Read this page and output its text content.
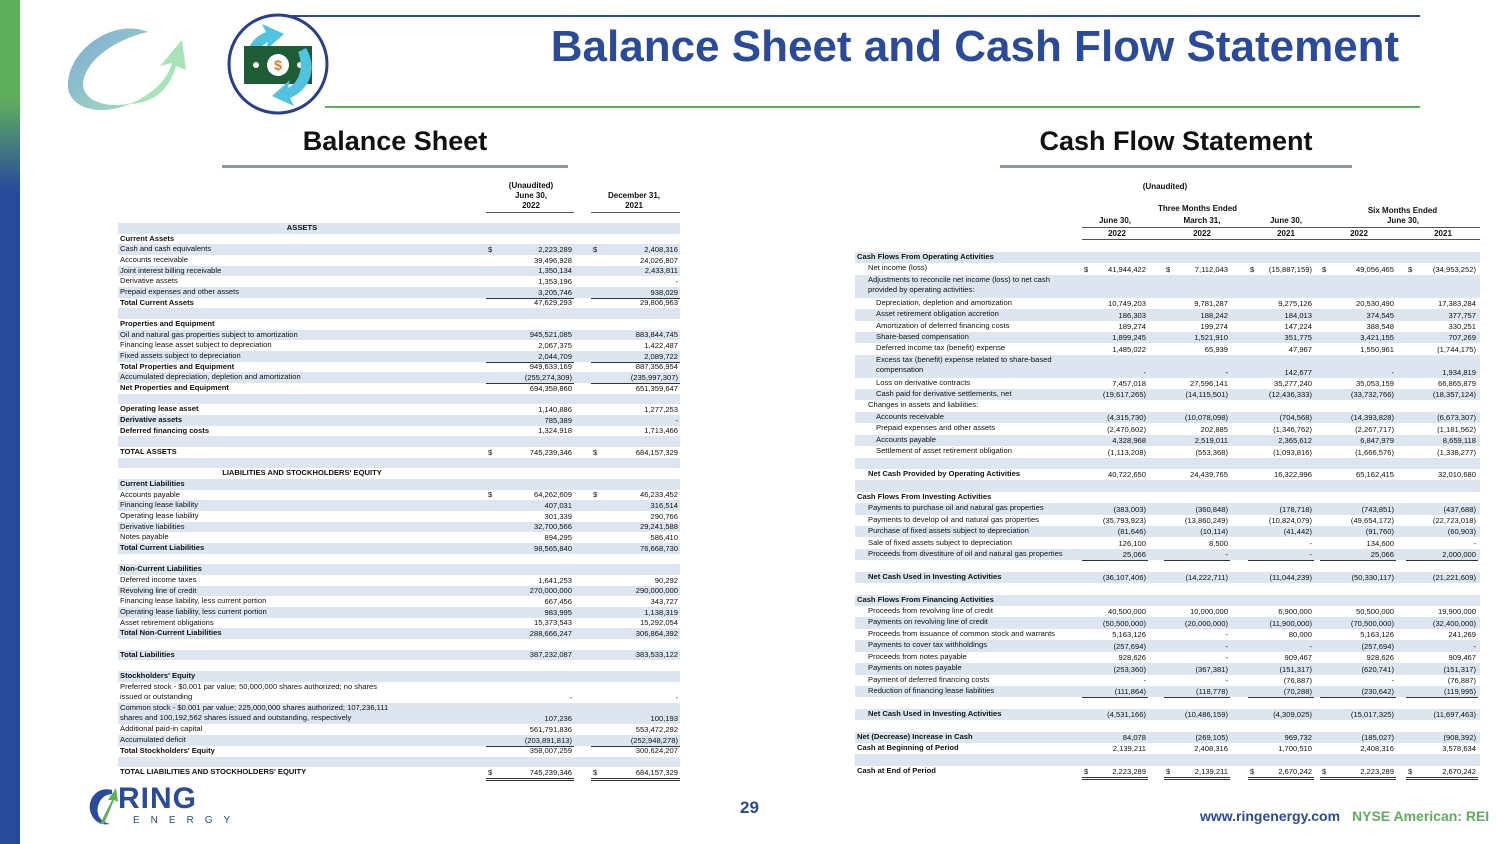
$	Balance Sheet and Cash Flow Statement
Balance Sheet	Cash Flow Statement
(Unaudited)
June 30,
2022
December 31,
2021
ASSETS
Current Assets
Cash and cash equivalents	$	2,223,289	$	2,408,316
Accounts receivable	39,496,928	24,026,807
Joint interest billing receivable	1,350,134	2,433,811
Derivative assets	1,353,196	-
Prepaid expenses and other assets	3,205,746	938,029
Total Current Assets	47,629,293	29,806,963
Properties and Equipment
Oil and natural gas properties subject to amortization	945,521,085	883,844,745
Financing lease asset subject to depreciation	2,067,375	1,422,487
Fixed assets subject to depreciation	2,044,709	2,089,722
Total Properties and Equipment	949,633,169	887,356,954
Accumulated depreciation, depletion and amortization	(255,274,309)	(235,997,307)
Net Properties and Equipment	694,358,860	651,359,647
Operating lease asset	1,140,886	1,277,253
Derivative assets	785,389	-
Deferred financing costs	1,324,918	1,713,466
TOTAL ASSETS	$	745,239,346	$	684,157,329
LIABILITIES AND STOCKHOLDERS' EQUITY
Current Liabilities
Accounts payable	$	64,262,609	$	46,233,452
Financing lease liability	407,031	316,514
Operating lease liability	301,339	290,766
Derivative liabilities	32,700,566	29,241,588
Notes payable	894,295	586,410
Total Current Liabilities	98,565,840	76,668,730
Non-Current Liabilities
Deferred income taxes	1,641,253	90,292
Revolving line of credit	270,000,000	290,000,000
Financing lease liability, less current portion	667,456	343,727
Operating lease liability, less current portion	983,995	1,138,319
Asset retirement obligations	15,373,543	15,292,054
Total Non-Current Liabilities	288,666,247	306,864,392
Total Liabilities	387,232,087	383,533,122
Stockholders' Equity
Preferred stock - $0.001 par value; 50,000,000 shares authorized; no shares
issued or outstanding	-	-
Common stock - $0.001 par value; 225,000,000 shares authorized; 107,236,111
shares and 100,192,562 shares issued and outstanding, respectively	107,236	100,193
Additional paid-in capital	561,791,836	553,472,292
Accumulated deficit	(203,891,813)	(252,948,278)
Total Stockholders' Equity	358,007,259	300,624,207
TOTAL LIABILITIES AND STOCKHOLDERS' EQUITY	$	745,239,346	$	684,157,329
(Unaudited)
Three Months Ended	Six Months Ended
June 30,	March 31,	June 30,	June 30,
2022	2022	2021	2022	2021
Cash Flows From Operating Activities
Net income (loss)	$	41,944,422	$	7,112,043	$ (15,887,159) $	49,056,465 $	(34,953,252)
Adjustments to reconcile net income (loss) to net cash
provided by operating activities:
Depreciation, depletion and amortization	10,749,203	9,781,287	9,275,126	20,530,490	17,383,284
Asset retirement obligation accretion	186,303	188,242	184,013	374,545	377,757
Amortization of deferred financing costs	189,274	199,274	147,224	388,548	330,251
Share-based compensation	1,899,245	1,521,910	351,775	3,421,155	707,269
Deferred income tax (benefit) expense	1,485,022	65,939	47,967	1,550,961	(1,744,175)
Excess tax (benefit) expense related to share-based
compensation	-	-	142,677	-	1,934,819
Loss on derivative contracts	7,457,018	27,596,141	35,277,240	35,053,159	66,865,879
Cash paid for derivative settlements, net	(19,617,265)	(14,115,501)	(12,436,333)	(33,732,766)	(18,357,124)
Changes in assets and liabilities:
Accounts receivable	(4,315,730)	(10,078,098)	(704,568)	(14,393,828)	(6,673,307)
Prepaid expenses and other assets	(2,470,602)	202,885	(1,346,762)	(2,267,717)	(1,181,562)
Accounts payable	4,328,968	2,519,011	2,365,612	6,847,979	8,659,118
Settlement of asset retirement obligation	(1,113,208)	(553,368)	(1,093,816)	(1,666,576)	(1,338,277)
Net Cash Provided by Operating Activities	40,722,650	24,439,765	16,322,996	65,162,415	32,010,680
Cash Flows From Investing Activities
Payments to purchase oil and natural gas properties	(383,003)	(360,848)	(178,718)	(743,851)	(437,688)
Payments to develop oil and natural gas properties	(35,793,923)	(13,860,249)	(10,824,079)	(49,654,172)	(22,723,018)
Purchase of fixed assets subject to depreciation	(81,646)	(10,114)	(41,442)	(91,760)	(60,903)
Sale of fixed assets subject to depreciation	126,100	8,500	-	134,600	-
Proceeds from divestiture of oil and natural gas properties	25,066	-	-	25,066	2,000,000
Net Cash Used in Investing Activities	(36,107,406)	(14,222,711)	(11,044,239)	(50,330,117)	(21,221,609)
Cash Flows From Financing Activities
Proceeds from revolving line of credit	40,500,000	10,000,000	6,900,000	50,500,000	19,900,000
Payments on revolving line of credit	(50,500,000)	(20,000,000)	(11,900,000)	(70,500,000)	(32,400,000)
Proceeds from issuance of common stock and warrants	5,163,126	-	80,000	5,163,126	241,269
Payments to cover tax withholdings	(257,694)	-	-	(257,694)	-
Proceeds from notes payable	928,626	-	909,467	928,626	909,467
Payments on notes payable	(253,360)	(367,381)	(151,317)	(620,741)	(151,317)
Payment of deferred financing costs	-	-	(76,887)	-	(76,887)
Reduction of financing lease liabilities	(111,864)	(118,778)	(70,288)	(230,642)	(119,995)
Net Cash Used in Investing Activities	(4,531,166)	(10,486,159)	(4,309,025)	(15,017,325)	(11,697,463)
Net (Decrease) Increase in Cash	84,078	(269,105)	969,732	(185,027)	(908,392)
Cash at Beginning of Period	2,139,211	2,408,316	1,700,510	2,408,316	3,578,634
Cash at End of Period	$	2,223,289	$	2,139,211	$	2,670,242 $	2,223,289 $	2,670,242
RING
ENERGY
29	www.ringenergy.com NYSE American: REI
